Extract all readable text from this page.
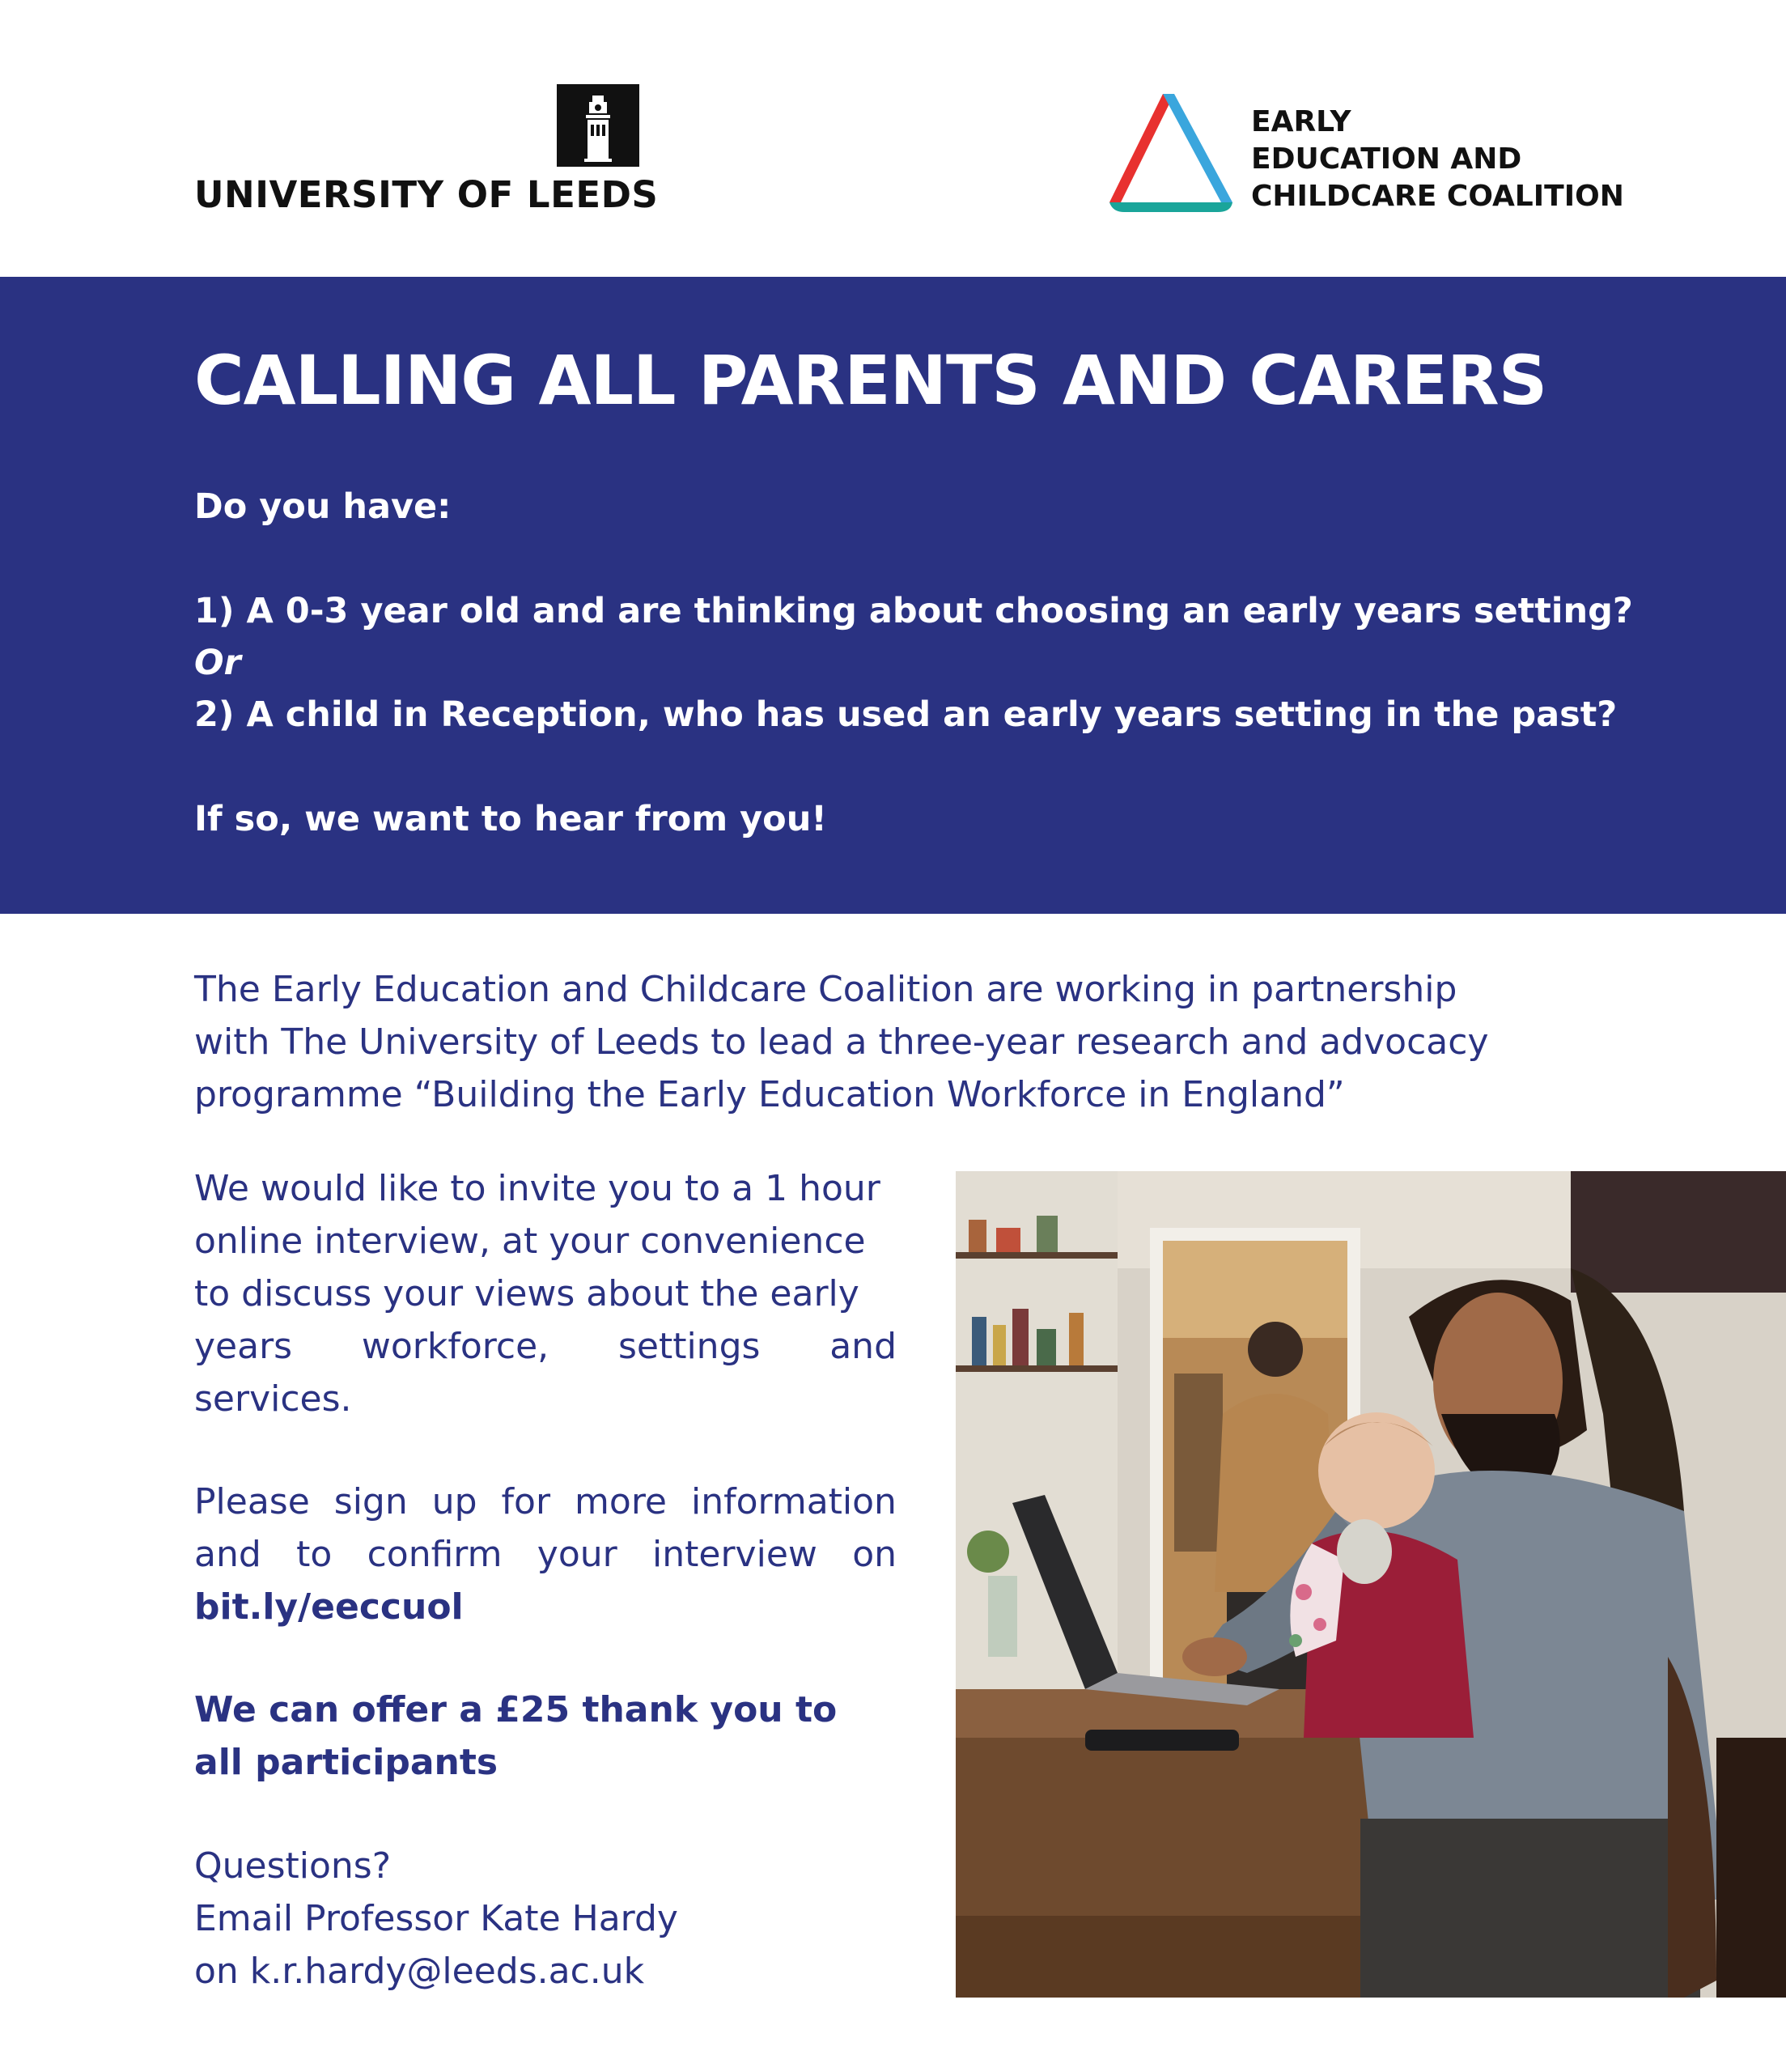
UNIVERSITY OF LEEDS
EARLY
EDUCATION AND
CHILDCARE COALITION
CALLING ALL PARENTS AND CARERS
Do you have:
1) A 0-3 year old and are thinking about choosing an early years setting?
Or
2) A child in Reception, who has used an early years setting in the past?
If so, we want to hear from you!
The Early Education and Childcare Coalition are working in partnership
with The University of Leeds to lead a three-year research and advocacy
programme “Building the Early Education Workforce in England”
We would like to invite you to a 1 hour
online interview, at your convenience
to discuss your views about the early
years workforce, settings and
services.
Please sign up for more information
and to confirm your interview on
bit.ly/eeccuol
We can offer a £25 thank you to
all participants
Questions?
Email Professor Kate Hardy
on k.r.hardy@leeds.ac.uk
